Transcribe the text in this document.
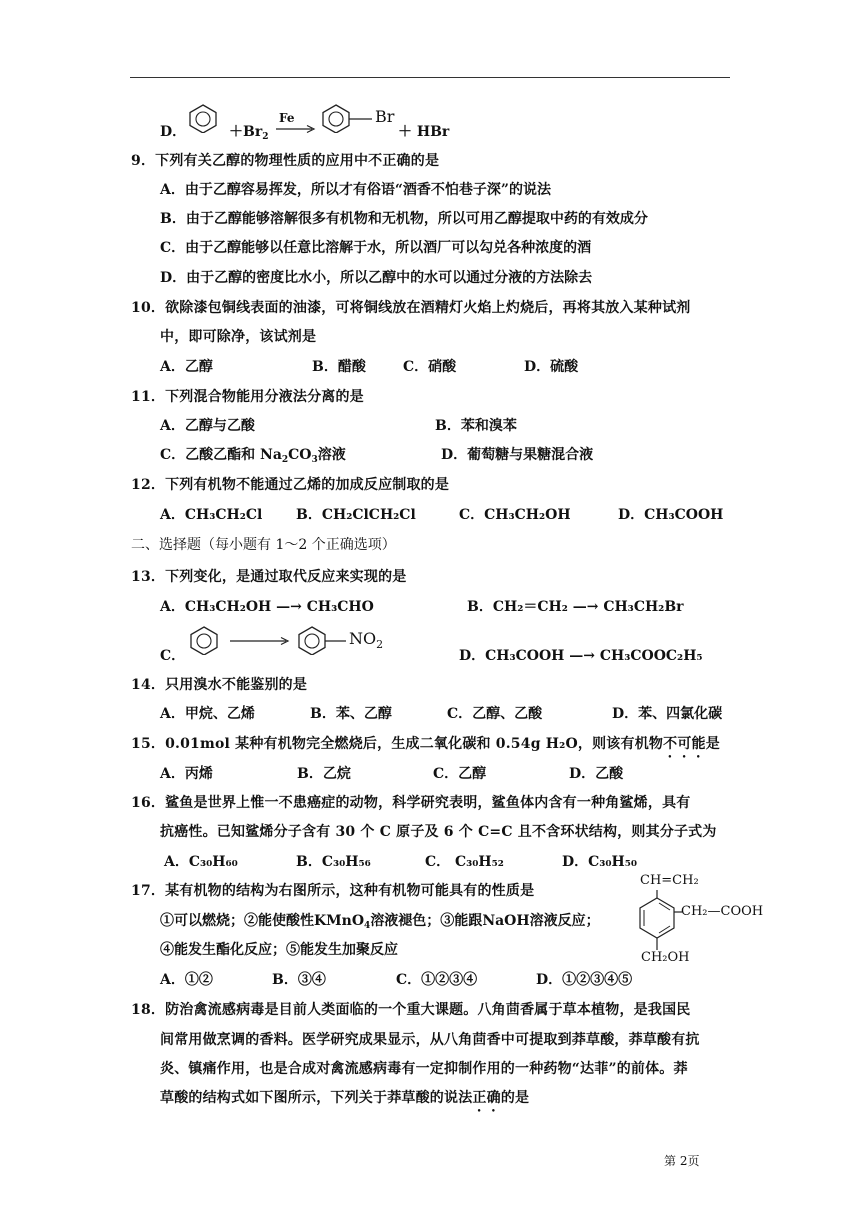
D．	$+Br_2$
Fe	Br
＋ HBr
9．下列有关乙醇的物理性质的应用中不正确的是
A．由于乙醇容易挥发，所以才有俗语“酒香不怕巷子深”的说法
B．由于乙醇能够溶解很多有机物和无机物，所以可用乙醇提取中药的有效成分
C．由于乙醇能够以任意比溶解于水，所以酒厂可以勾兑各种浓度的酒
D．由于乙醇的密度比水小，所以乙醇中的水可以通过分液的方法除去
10．欲除漆包铜线表面的油漆，可将铜线放在酒精灯火焰上灼烧后，再将其放入某种试剂
中，即可除净，该试剂是
A．乙醇	B．醋酸	C．硝酸	D．硫酸
11．下列混合物能用分液法分离的是
A．乙醇与乙酸	B．苯和溴苯
C．乙酸乙酯和 $Na_2CO_3$溶液	D．葡萄糖与果糖混合液
12．下列有机物不能通过乙烯的加成反应制取的是
A．CH₃CH₂Cl B．CH₂ClCH₂Cl	C．CH₃CH₂OH	D．CH₃COOH
二、选择题（每小题有 1～2 个正确选项）
13．下列变化，是通过取代反应来实现的是
A．CH₃CH₂OH —→ CH₃CHO	B．CH₂＝CH₂ —→ CH₃CH₂Br
C．
$NO_2$
D．CH₃COOH —→ CH₃COOC₂H₅
14．只用溴水不能鉴别的是
A．甲烷、乙烯	B．苯、乙醇	C．乙醇、乙酸	D．苯、四氯化碳
15．0.01mol 某种有机物完全燃烧后，生成二氧化碳和 0.54g H₂O，则该有机物不可能是
A．丙烯	B．乙烷	C．乙醇	D．乙酸
16．鲨鱼是世界上惟一不患癌症的动物，科学研究表明，鲨鱼体内含有一种角鲨烯，具有
抗癌性。已知鲨烯分子含有 30 个 C 原子及 6 个 C=C 且不含环状结构，则其分子式为
A．C₃₀H₆₀	B．C₃₀H₅₆	C． C₃₀H₅₂	D．C₃₀H₅₀
17．某有机物的结构为右图所示，这种有机物可能具有的性质是
①可以燃烧；②能使酸性KMnO$_4$溶液褪色；③能跟NaOH溶液反应；
④能发生酯化反应；⑤能发生加聚反应
A．①②	B．③④	C．①②③④	D．①②③④⑤
CH=CH₂
CH₂—COOH
CH₂OH
18．防治禽流感病毒是目前人类面临的一个重大课题。八角茴香属于草本植物，是我国民
间常用做烹调的香料。医学研究成果显示，从八角茴香中可提取到莽草酸，莽草酸有抗
炎、镇痛作用，也是合成对禽流感病毒有一定抑制作用的一种药物“达菲”的前体。莽
草酸的结构式如下图所示，下列关于莽草酸的说法正确的是
第 2页
